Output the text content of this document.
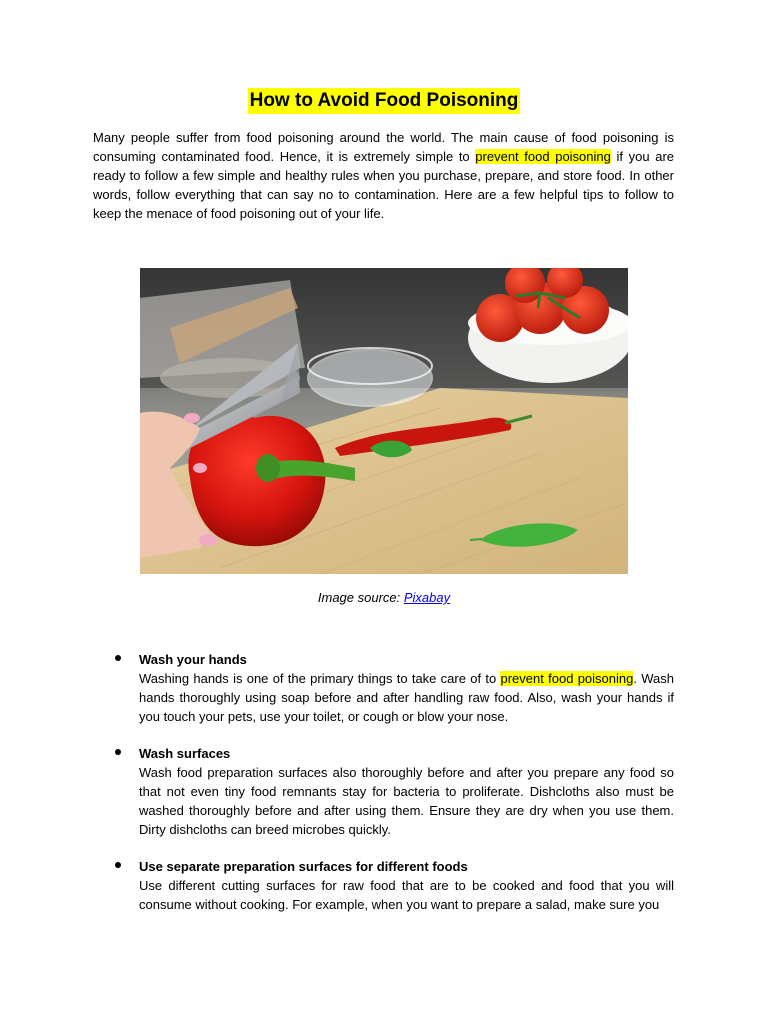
How to Avoid Food Poisoning

Many people suffer from food poisoning around the world. The main cause of food poisoning is consuming contaminated food. Hence, it is extremely simple to prevent food poisoning if you are ready to follow a few simple and healthy rules when you purchase, prepare, and store food. In other words, follow everything that can say no to contamination. Here are a few helpful tips to follow to keep the menace of food poisoning out of your life.

Image source: Pixabay

Wash your hands

Washing hands is one of the primary things to take care of to prevent food poisoning. Wash hands thoroughly using soap before and after handling raw food. Also, wash your hands if you touch your pets, use your toilet, or cough or blow your nose.

Wash surfaces

Wash food preparation surfaces also thoroughly before and after you prepare any food so that not even tiny food remnants stay for bacteria to proliferate. Dishcloths also must be washed thoroughly before and after using them. Ensure they are dry when you use them. Dirty dishcloths can breed microbes quickly.

Use separate preparation surfaces for different foods

Use different cutting surfaces for raw food that are to be cooked and food that you will consume without cooking. For example, when you want to prepare a salad, make sure you
